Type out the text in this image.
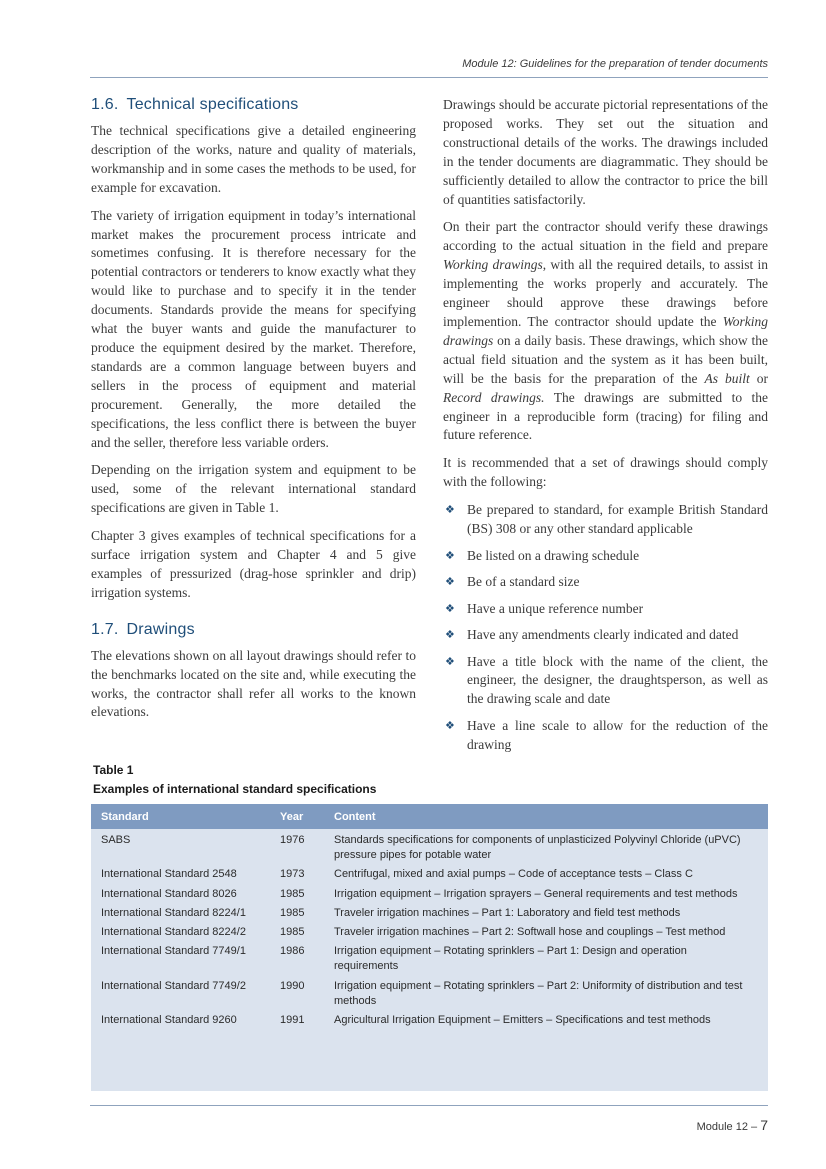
Module 12: Guidelines for the preparation of tender documents
1.6. Technical specifications

The technical specifications give a detailed engineering description of the works, nature and quality of materials, workmanship and in some cases the methods to be used, for example for excavation.

The variety of irrigation equipment in today’s international market makes the procurement process intricate and sometimes confusing. It is therefore necessary for the potential contractors or tenderers to know exactly what they would like to purchase and to specify it in the tender documents. Standards provide the means for specifying what the buyer wants and guide the manufacturer to produce the equipment desired by the market. Therefore, standards are a common language between buyers and sellers in the process of equipment and material procurement. Generally, the more detailed the specifications, the less conflict there is between the buyer and the seller, therefore less variable orders.

Depending on the irrigation system and equipment to be used, some of the relevant international standard specifications are given in Table 1.

Chapter 3 gives examples of technical specifications for a surface irrigation system and Chapter 4 and 5 give examples of pressurized (drag-hose sprinkler and drip) irrigation systems.

1.7. Drawings

The elevations shown on all layout drawings should refer to the benchmarks located on the site and, while executing the works, the contractor shall refer all works to the known elevations.

Drawings should be accurate pictorial representations of the proposed works. They set out the situation and constructional details of the works. The drawings included in the tender documents are diagrammatic. They should be sufficiently detailed to allow the contractor to price the bill of quantities satisfactorily.

On their part the contractor should verify these drawings according to the actual situation in the field and prepare Working drawings, with all the required details, to assist in implementing the works properly and accurately. The engineer should approve these drawings before implemention. The contractor should update the Working drawings on a daily basis. These drawings, which show the actual field situation and the system as it has been built, will be the basis for the preparation of the As built or Record drawings. The drawings are submitted to the engineer in a reproducible form (tracing) for filing and future reference.

It is recommended that a set of drawings should comply with the following:

❖ Be prepared to standard, for example British Standard (BS) 308 or any other standard applicable
❖ Be listed on a drawing schedule
❖ Be of a standard size
❖ Have a unique reference number
❖ Have any amendments clearly indicated and dated
❖ Have a title block with the name of the client, the engineer, the designer, the draughtsperson, as well as the drawing scale and date
❖ Have a line scale to allow for the reduction of the drawing
Table 1
Examples of international standard specifications
Standard	Year	Content
SABS	1976	Standards specifications for components of unplasticized Polyvinyl Chloride (uPVC) pressure pipes for potable water
International Standard 2548	1973	Centrifugal, mixed and axial pumps – Code of acceptance tests – Class C
International Standard 8026	1985	Irrigation equipment – Irrigation sprayers – General requirements and test methods
International Standard 8224/1	1985	Traveler irrigation machines – Part 1: Laboratory and field test methods
International Standard 8224/2	1985	Traveler irrigation machines – Part 2: Softwall hose and couplings – Test method
International Standard 7749/1	1986	Irrigation equipment – Rotating sprinklers – Part 1: Design and operation requirements
International Standard 7749/2	1990	Irrigation equipment – Rotating sprinklers – Part 2: Uniformity of distribution and test methods
International Standard 9260	1991	Agricultural Irrigation Equipment – Emitters – Specifications and test methods
Module 12 – 7
